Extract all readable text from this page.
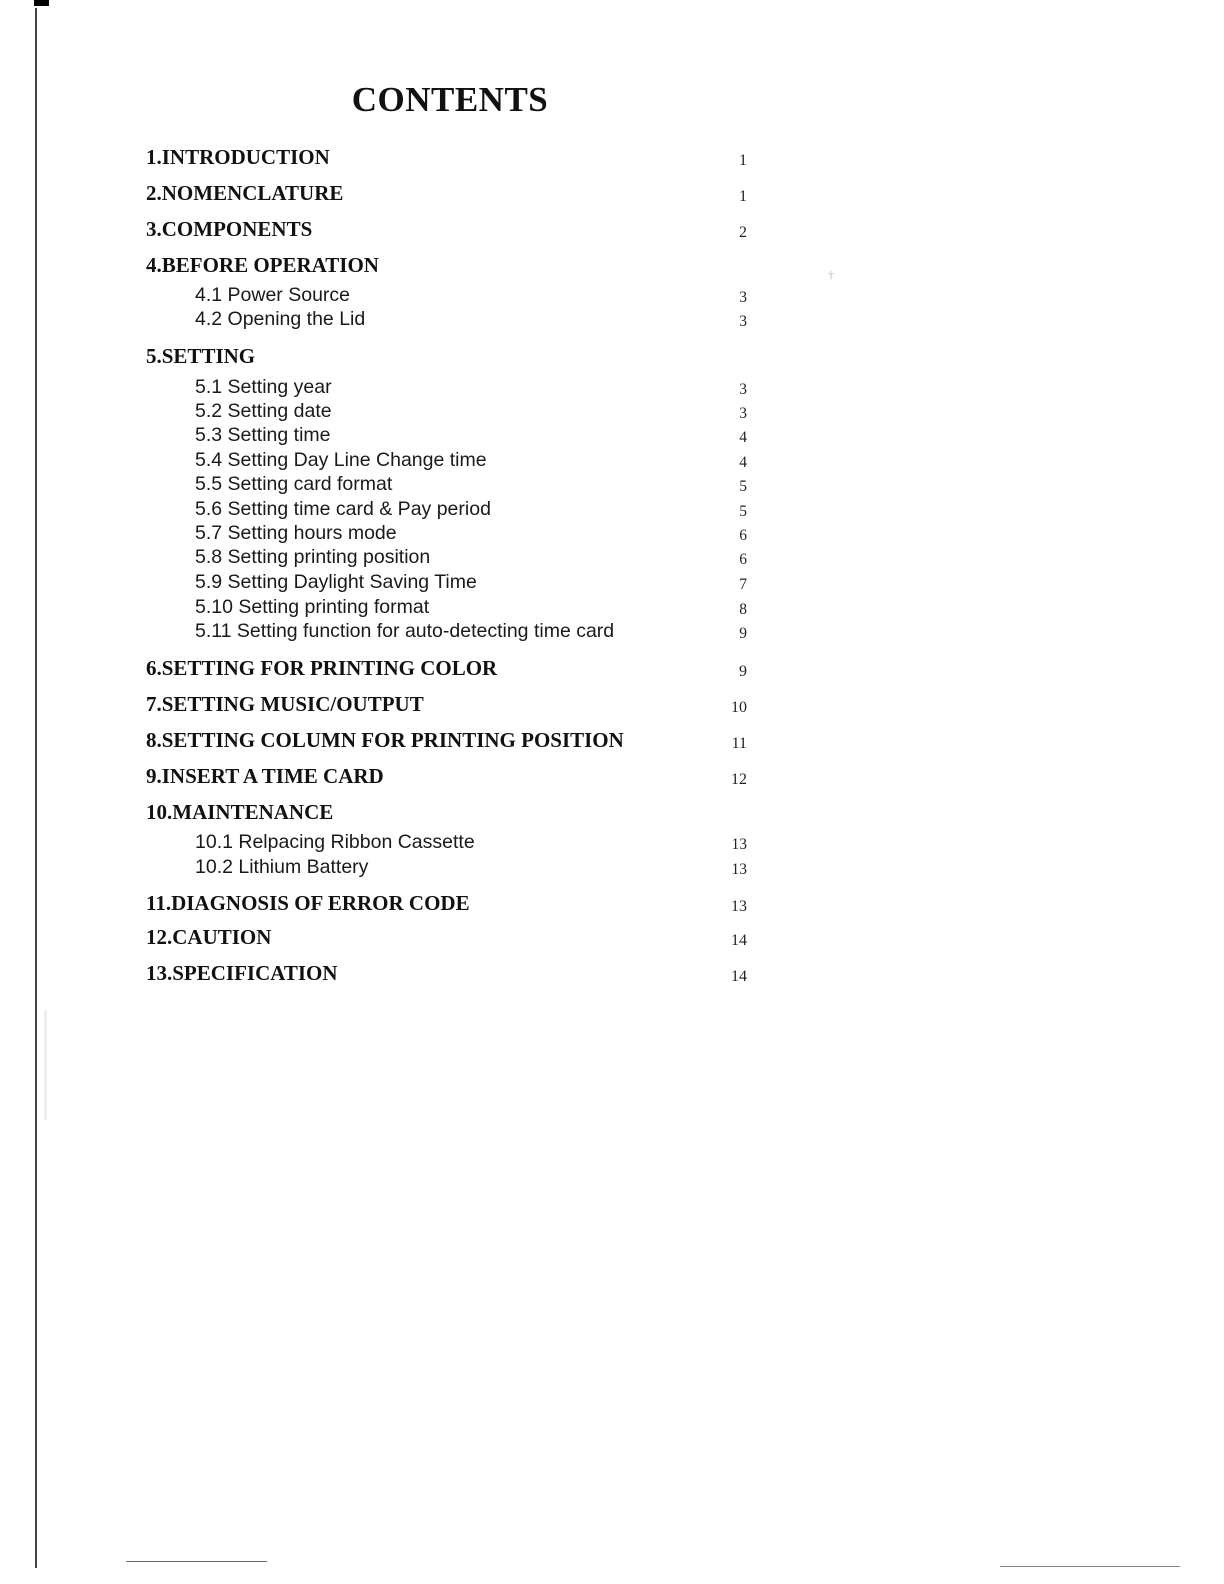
†
CONTENTS
1.INTRODUCTION	1
2.NOMENCLATURE	1
3.COMPONENTS	2
4.BEFORE OPERATION
4.1 Power Source	3
4.2 Opening the Lid	3
5.SETTING
5.1 Setting year	3
5.2 Setting date	3
5.3 Setting time	4
5.4 Setting Day Line Change time	4
5.5 Setting card format	5
5.6 Setting time card & Pay period	5
5.7 Setting hours mode	6
5.8 Setting printing position	6
5.9 Setting Daylight Saving Time	7
5.10 Setting printing format	8
5.11 Setting function for auto-detecting time card	9
6.SETTING FOR PRINTING COLOR	9
7.SETTING MUSIC/OUTPUT	10
8.SETTING COLUMN FOR PRINTING POSITION	11
9.INSERT A TIME CARD	12
10.MAINTENANCE
10.1 Relpacing Ribbon Cassette	13
10.2 Lithium Battery	13
11.DIAGNOSIS OF ERROR CODE	13
12.CAUTION	14
13.SPECIFICATION	14
